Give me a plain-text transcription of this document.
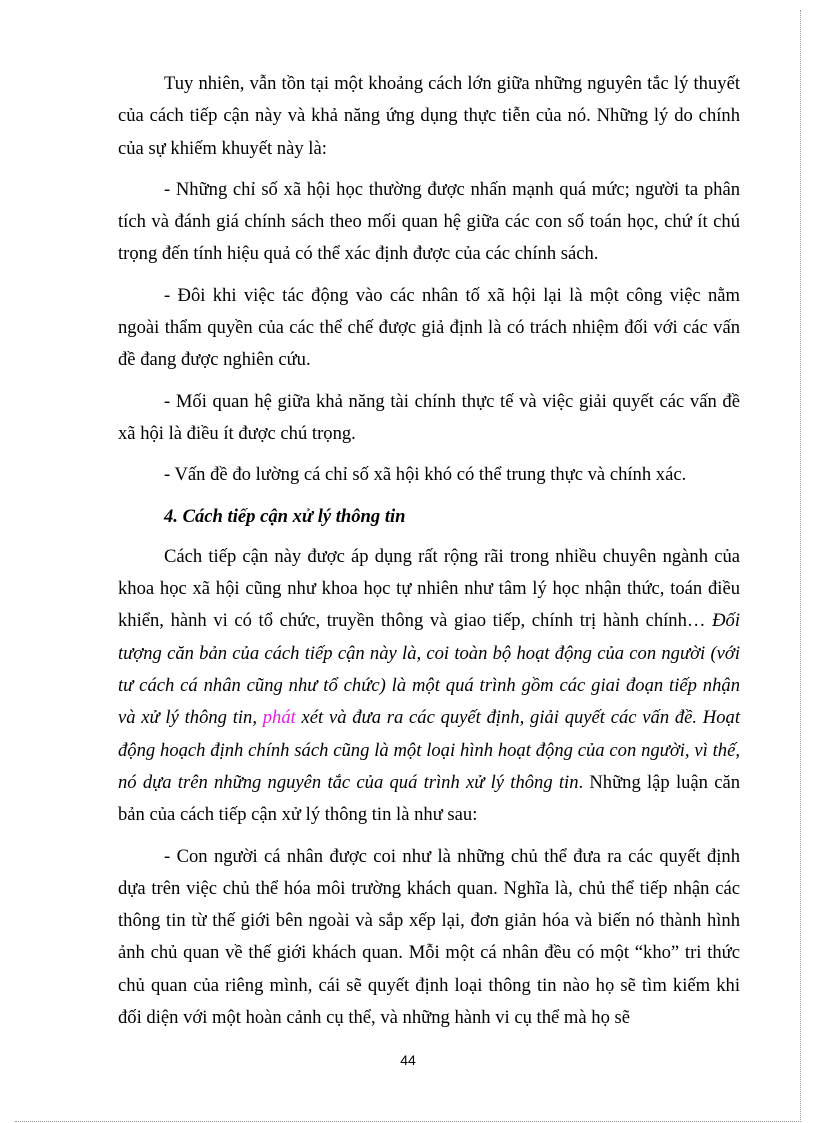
Tuy nhiên, vẫn tồn tại một khoảng cách lớn giữa những nguyên tắc lý thuyết của cách tiếp cận này và khả năng ứng dụng thực tiễn của nó. Những lý do chính của sự khiếm khuyết này là:

- Những chỉ số xã hội học thường được nhấn mạnh quá mức; người ta phân tích và đánh giá chính sách theo mối quan hệ giữa các con số toán học, chứ ít chú trọng đến tính hiệu quả có thể xác định được của các chính sách.

- Đôi khi việc tác động vào các nhân tố xã hội lại là một công việc nằm ngoài thẩm quyền của các thể chế được giả định là có trách nhiệm đối với các vấn đề đang được nghiên cứu.

- Mối quan hệ giữa khả năng tài chính thực tế và việc giải quyết các vấn đề xã hội là điều ít được chú trọng.

- Vấn đề đo lường cá chỉ số xã hội khó có thể trung thực và chính xác.

4. Cách tiếp cận xử lý thông tin

Cách tiếp cận này được áp dụng rất rộng rãi trong nhiều chuyên ngành của khoa học xã hội cũng như khoa học tự nhiên như tâm lý học nhận thức, toán điều khiển, hành vi có tổ chức, truyền thông và giao tiếp, chính trị hành chính… Đối tượng căn bản của cách tiếp cận này là, coi toàn bộ hoạt động của con người (với tư cách cá nhân cũng như tổ chức) là một quá trình gồm các giai đoạn tiếp nhận và xử lý thông tin, phát xét và đưa ra các quyết định, giải quyết các vấn đề. Hoạt động hoạch định chính sách cũng là một loại hình hoạt động của con người, vì thế, nó dựa trên những nguyên tắc của quá trình xử lý thông tin. Những lập luận căn bản của cách tiếp cận xử lý thông tin là như sau:

- Con người cá nhân được coi như là những chủ thể đưa ra các quyết định dựa trên việc chủ thể hóa môi trường khách quan. Nghĩa là, chủ thể tiếp nhận các thông tin từ thế giới bên ngoài và sắp xếp lại, đơn giản hóa và biến nó thành hình ảnh chủ quan về thế giới khách quan. Mỗi một cá nhân đều có một “kho” tri thức chủ quan của riêng mình, cái sẽ quyết định loại thông tin nào họ sẽ tìm kiếm khi đối diện với một hoàn cảnh cụ thể, và những hành vi cụ thể mà họ sẽ

44
